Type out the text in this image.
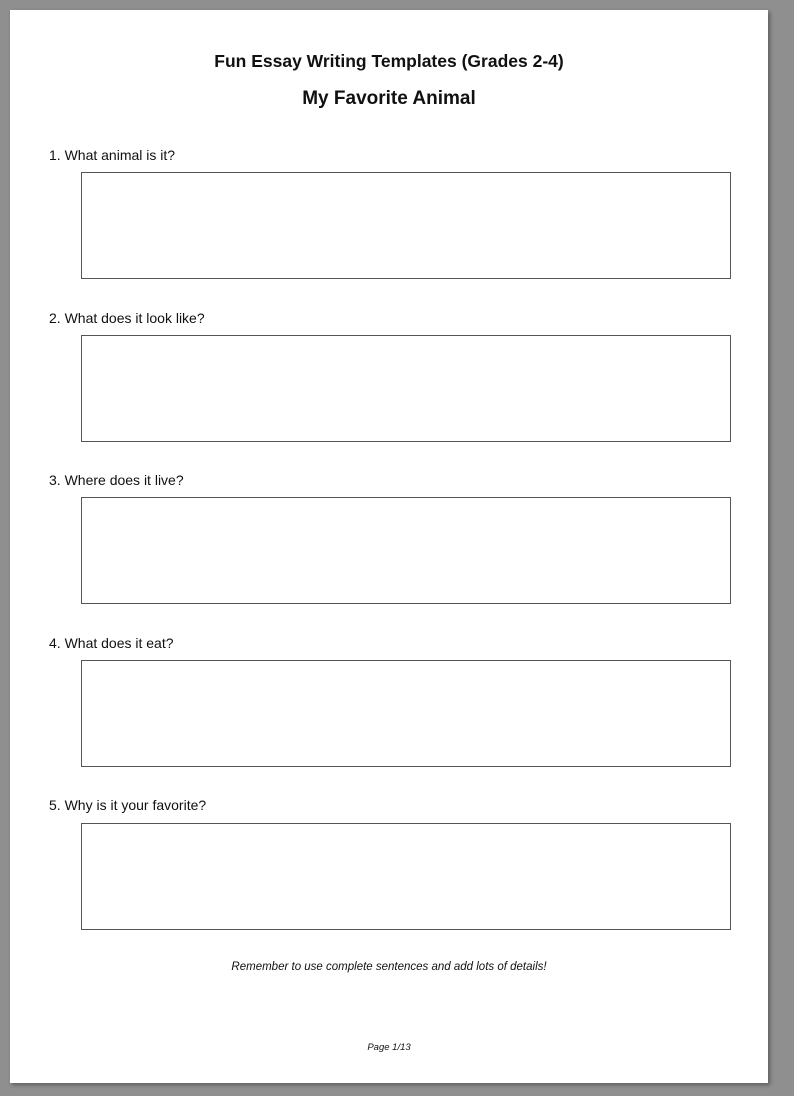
Fun Essay Writing Templates (Grades 2-4)
My Favorite Animal
1. What animal is it?
2. What does it look like?
3. Where does it live?
4. What does it eat?
5. Why is it your favorite?
Remember to use complete sentences and add lots of details!
Page 1/13
